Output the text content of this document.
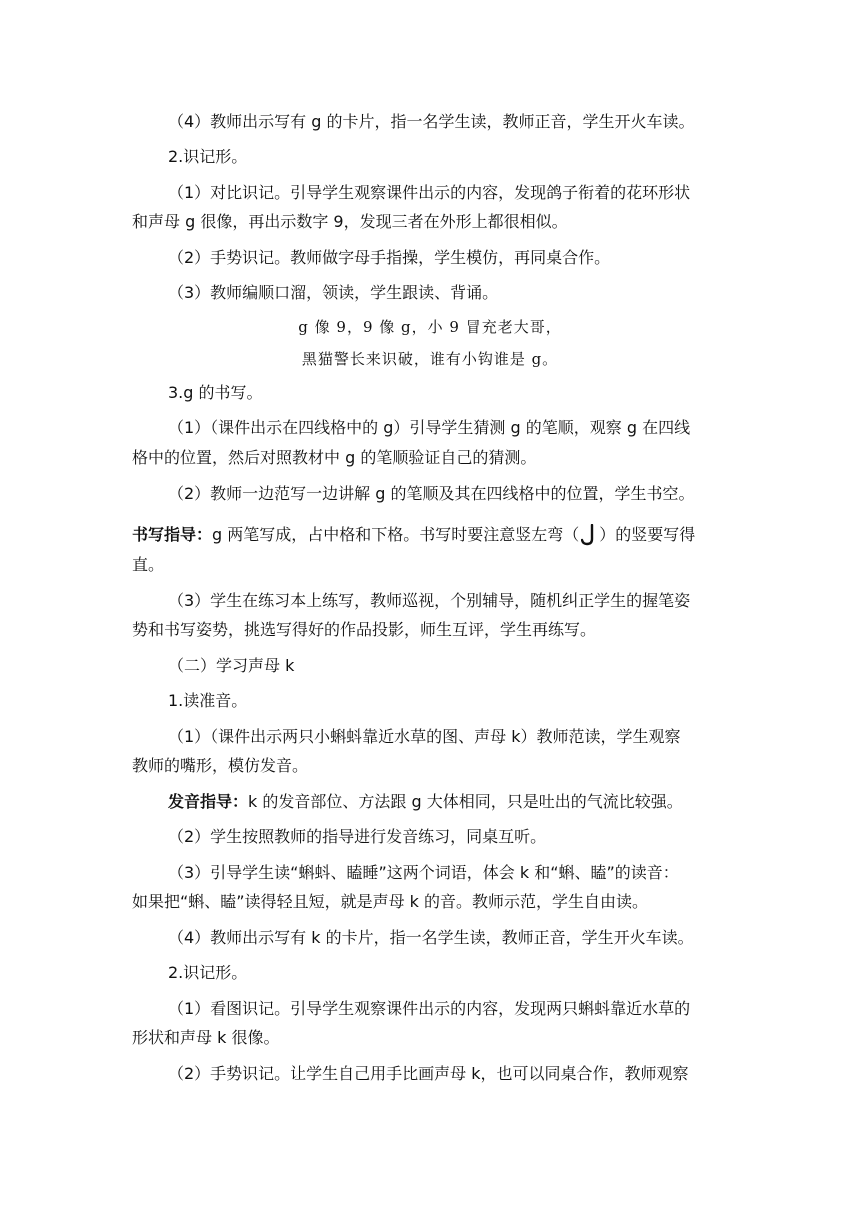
（4）教师出示写有 g 的卡片，指一名学生读，教师正音，学生开火车读。
2.识记形。
（1）对比识记。引导学生观察课件出示的内容，发现鸽子衔着的花环形状
和声母 g 很像，再出示数字 9，发现三者在外形上都很相似。
（2）手势识记。教师做字母手指操，学生模仿，再同桌合作。
（3）教师编顺口溜，领读，学生跟读、背诵。
g 像 9，9 像 g，小 9 冒充老大哥，
黑猫警长来识破，谁有小钩谁是 g。
3.g 的书写。
（1）（课件出示在四线格中的 g）引导学生猜测 g 的笔顺，观察 g 在四线
格中的位置，然后对照教材中 g 的笔顺验证自己的猜测。
（2）教师一边范写一边讲解 g 的笔顺及其在四线格中的位置，学生书空。
书写指导：g 两笔写成，占中格和下格。书写时要注意竖左弯（ ）的竖要写得
直。
（3）学生在练习本上练写，教师巡视，个别辅导，随机纠正学生的握笔姿
势和书写姿势，挑选写得好的作品投影，师生互评，学生再练写。
（二）学习声母 k
1.读准音。
（1）（课件出示两只小蝌蚪靠近水草的图、声母 k）教师范读，学生观察
教师的嘴形，模仿发音。
发音指导：k 的发音部位、方法跟 g 大体相同，只是吐出的气流比较强。
（2）学生按照教师的指导进行发音练习，同桌互听。
（3）引导学生读“蝌蚪、瞌睡”这两个词语，体会 k 和“蝌、瞌”的读音：
如果把“蝌、瞌”读得轻且短，就是声母 k 的音。教师示范，学生自由读。
（4）教师出示写有 k 的卡片，指一名学生读，教师正音，学生开火车读。
2.识记形。
（1）看图识记。引导学生观察课件出示的内容，发现两只蝌蚪靠近水草的
形状和声母 k 很像。
（2）手势识记。让学生自己用手比画声母 k，也可以同桌合作，教师观察
